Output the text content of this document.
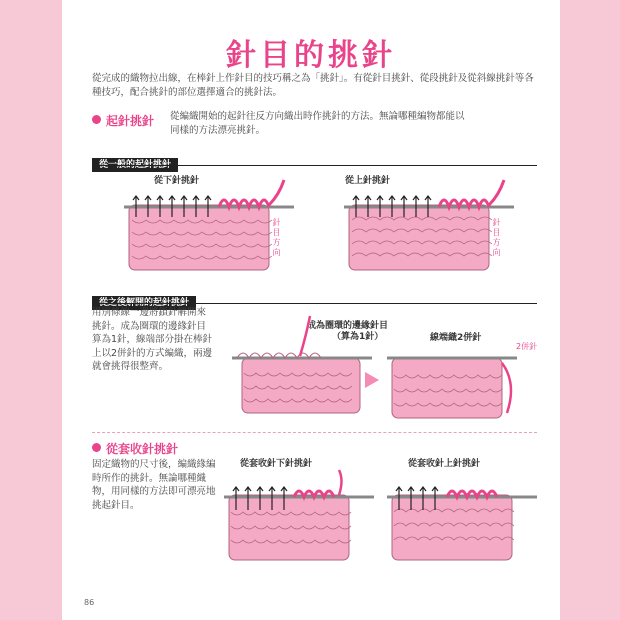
針目的挑針
從完成的織物拉出線，在棒針上作針目的技巧稱之為「挑針」。有從針目挑針、從段挑針及從斜線挑針等各種技巧，配合挑針的部位選擇適合的挑針法。
起針挑針 從編織開始的起針往反方向織出時作挑針的方法。無論哪種編物都能以同樣的方法漂亮挑針。
從一般的起針挑針
從下針挑針	從上針挑針
針目方向
針目方向
從之後解開的起針挑針
用別條線一邊將鎖針解開來挑針。成為圈環的邊緣針目算為1針，線端部分掛在棒針上以2併針的方式編織，兩邊就會挑得很整齊。
成為圈環的邊緣針目
（算為1針）	線端織2併針
2併針
從套收針挑針
固定織物的尺寸後，編織緣編時所作的挑針。無論哪種織物，用同樣的方法即可漂亮地挑起針目。
從套收針下針挑針	從套收針上針挑針
86
